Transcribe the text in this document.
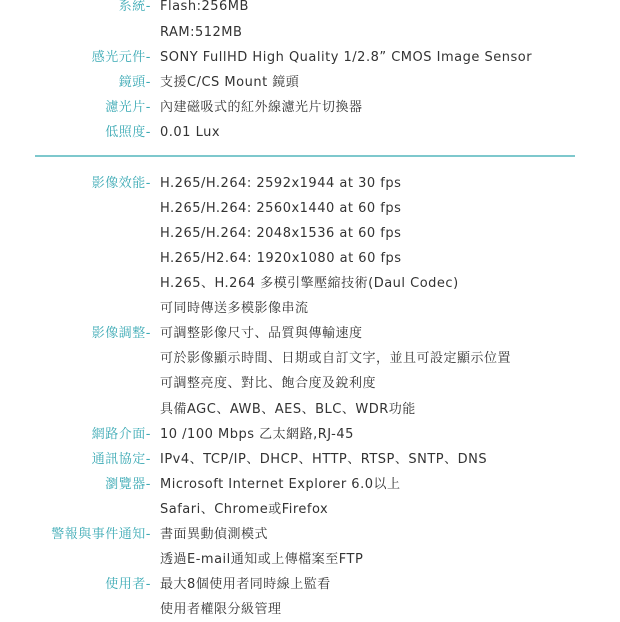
系統- Flash:256MB
RAM:512MB
感光元件- SONY FullHD High Quality 1/2.8” CMOS Image Sensor
鏡頭- 支援C/CS Mount 鏡頭
濾光片- 內建磁吸式的紅外線濾光片切換器
低照度- 0.01 Lux
影像效能- H.265/H.264: 2592x1944 at 30 fps
H.265/H.264: 2560x1440 at 60 fps
H.265/H.264: 2048x1536 at 60 fps
H.265/H2.64: 1920x1080 at 60 fps
H.265、H.264 多模引擎壓縮技術(Daul Codec)
可同時傳送多模影像串流
影像調整- 可調整影像尺寸、品質與傳輸速度
可於影像顯示時間、日期或自訂文字，並且可設定顯示位置
可調整亮度、對比、飽合度及銳利度
具備AGC、AWB、AES、BLC、WDR功能
網路介面- 10 /100 Mbps 乙太網路,RJ-45
通訊協定- IPv4、TCP/IP、DHCP、HTTP、RTSP、SNTP、DNS
瀏覽器- Microsoft Internet Explorer 6.0以上
Safari、Chrome或Firefox
警報與事件通知- 書面異動偵測模式
透過E-mail通知或上傳檔案至FTP
使用者- 最大8個使用者同時線上監看
使用者權限分級管理
